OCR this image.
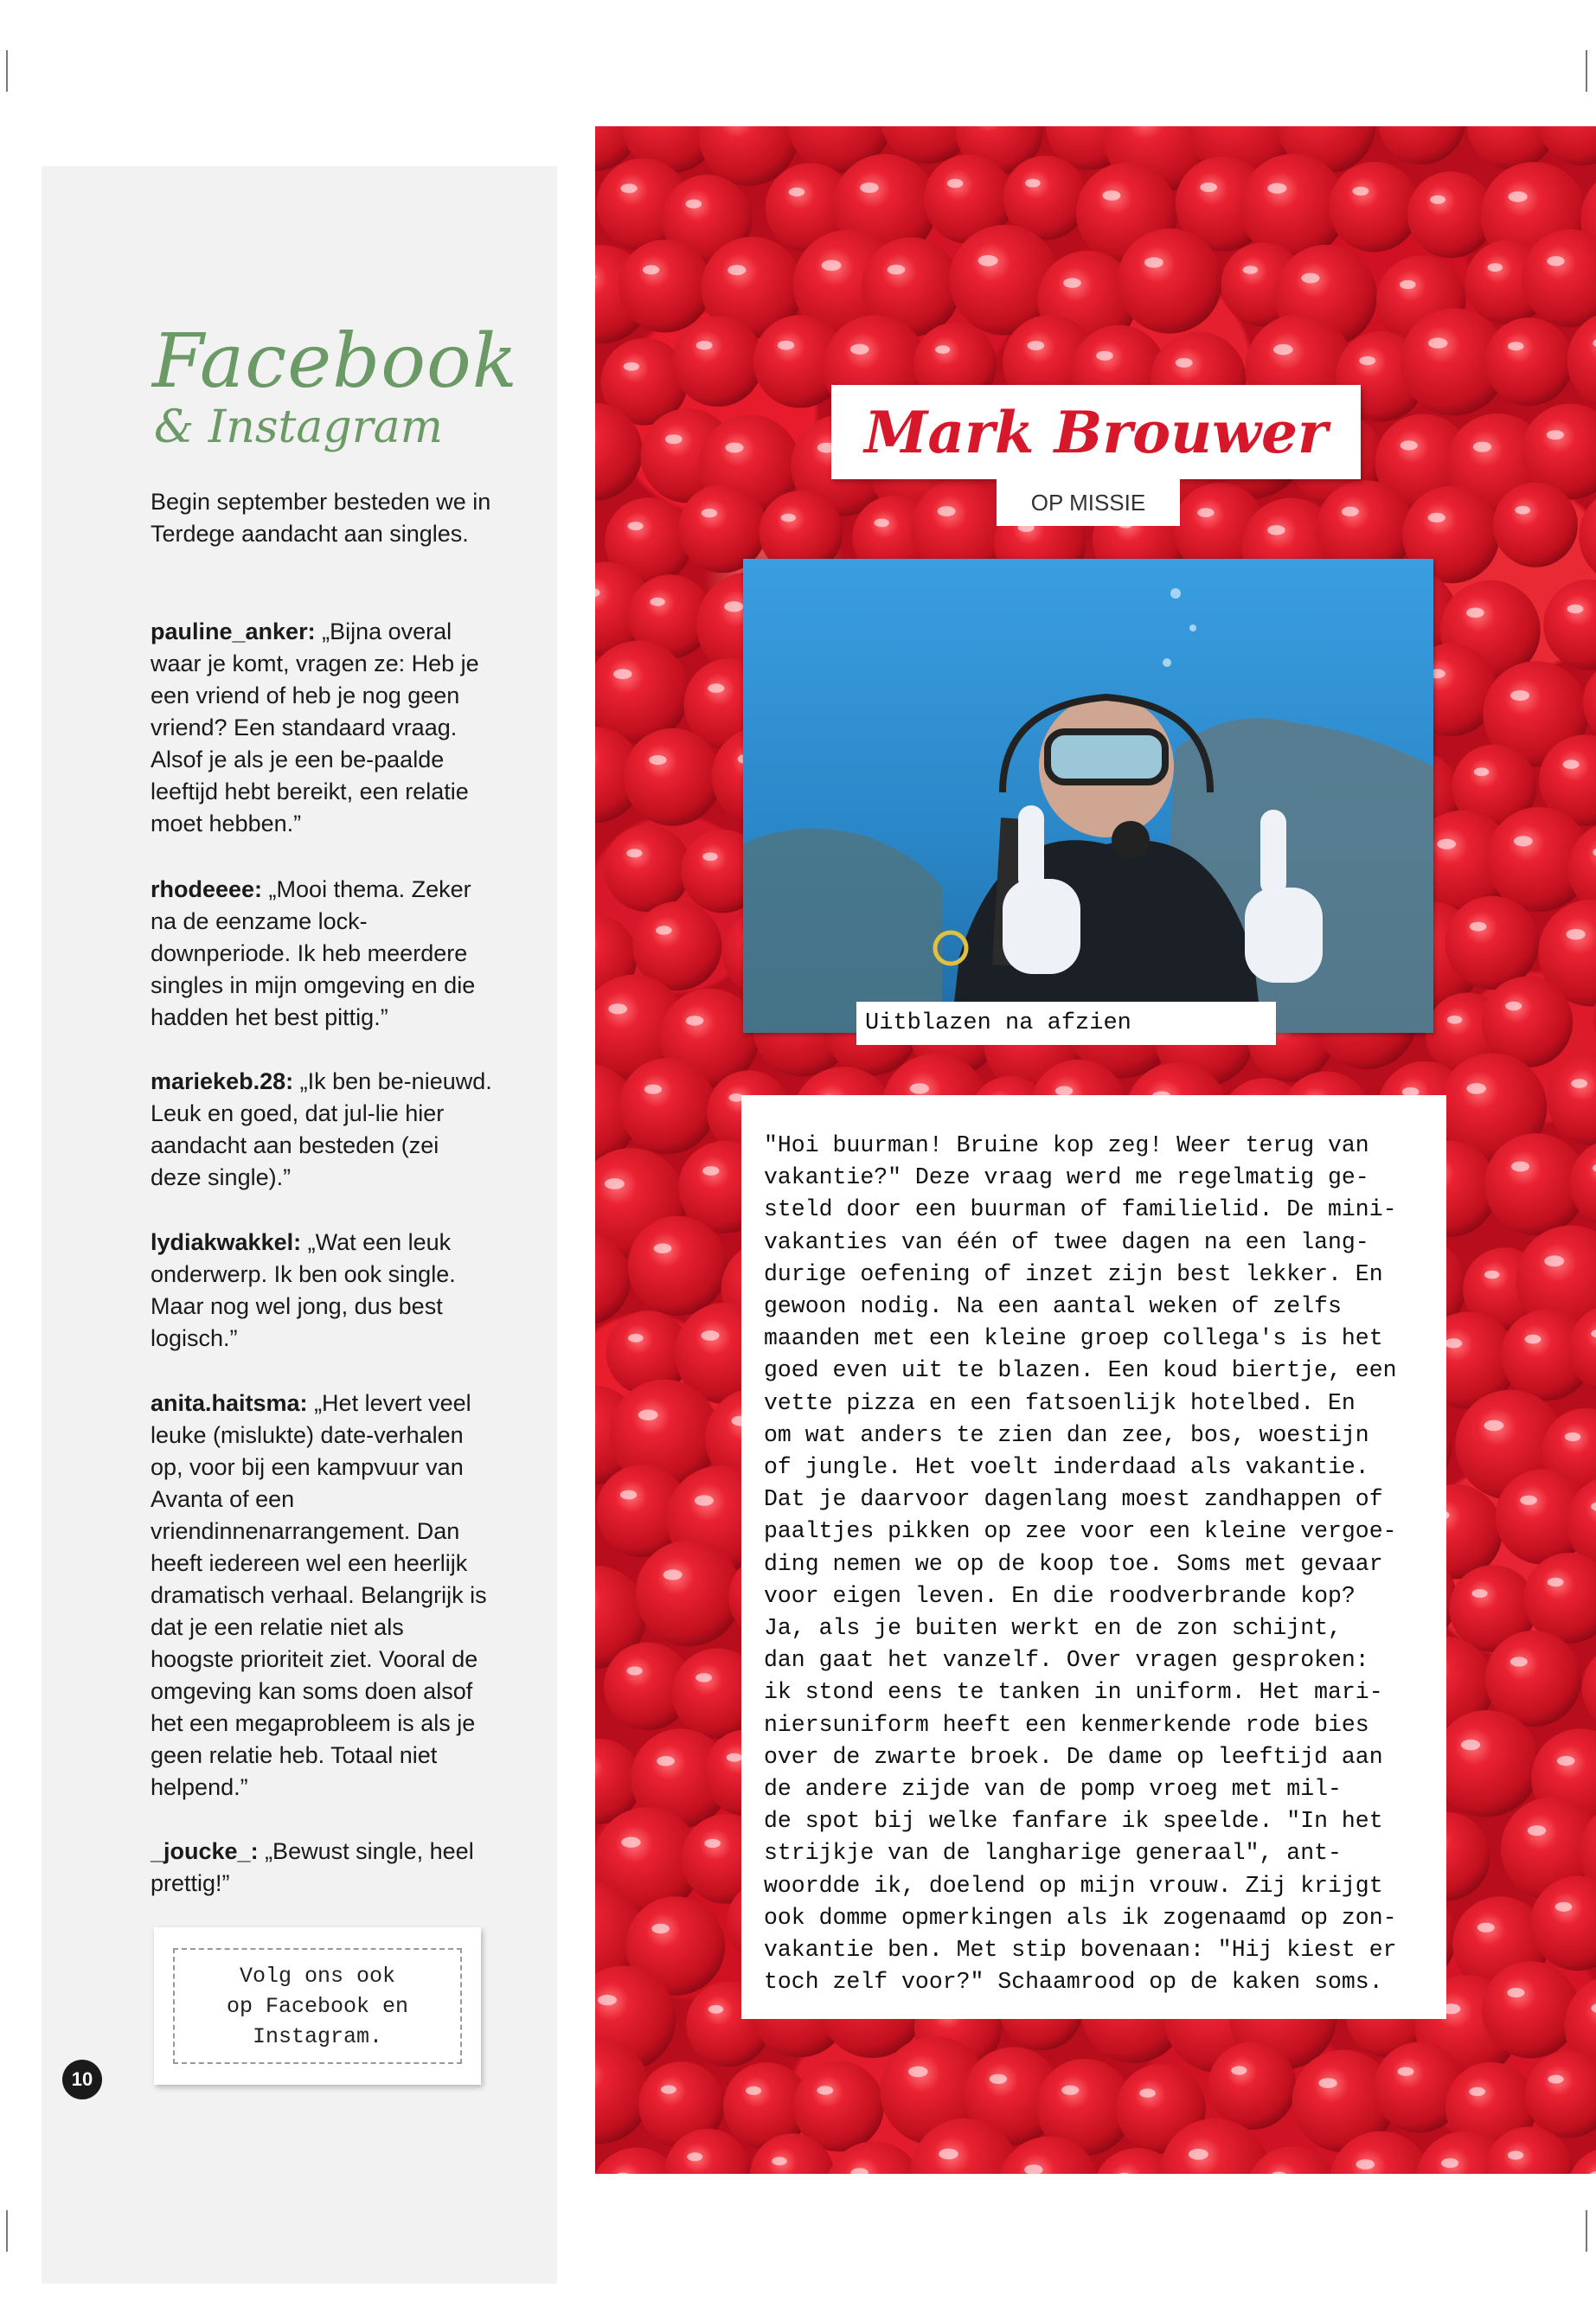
Facebook
& Instagram

Begin september besteden we in Terdege aandacht aan singles.

pauline_anker: „Bijna overal waar je komt, vragen ze: Heb je een vriend of heb je nog geen vriend? Een standaard vraag. Alsof je als je een be-paalde leeftijd hebt bereikt, een relatie moet hebben.”

rhodeeee: „Mooi thema. Zeker na de eenzame lock-downperiode. Ik heb meerdere singles in mijn omgeving en die hadden het best pittig.”

mariekeb.28: „Ik ben be-nieuwd. Leuk en goed, dat jul-lie hier aandacht aan besteden (zei deze single).”

lydiakwakkel: „Wat een leuk onderwerp. Ik ben ook single. Maar nog wel jong, dus best logisch.”

anita.haitsma: „Het levert veel leuke (mislukte) date-verhalen op, voor bij een kampvuur van Avanta of een vriendinnenarrangement. Dan heeft iedereen wel een heerlijk dramatisch verhaal. Belangrijk is dat je een relatie niet als hoogste prioriteit ziet. Vooral de omgeving kan soms doen alsof het een megaprobleem is als je geen relatie heb. Totaal niet helpend.”

_joucke_: „Bewust single, heel prettig!”

Volg ons ook
op Facebook en
Instagram.
10
Mark Brouwer
OP MISSIE
Uitblazen na afzien

"Hoi buurman! Bruine kop zeg! Weer terug van
vakantie?" Deze vraag werd me regelmatig ge-
steld door een buurman of familielid. De mini-
vakanties van één of twee dagen na een lang-
durige oefening of inzet zijn best lekker. En
gewoon nodig. Na een aantal weken of zelfs
maanden met een kleine groep collega's is het
goed even uit te blazen. Een koud biertje, een
vette pizza en een fatsoenlijk hotelbed. En
om wat anders te zien dan zee, bos, woestijn
of jungle. Het voelt inderdaad als vakantie.
Dat je daarvoor dagenlang moest zandhappen of
paaltjes pikken op zee voor een kleine vergoe-
ding nemen we op de koop toe. Soms met gevaar
voor eigen leven. En die roodverbrande kop?
Ja, als je buiten werkt en de zon schijnt,
dan gaat het vanzelf. Over vragen gesproken:
ik stond eens te tanken in uniform. Het mari-
niersuniform heeft een kenmerkende rode bies
over de zwarte broek. De dame op leeftijd aan
de andere zijde van de pomp vroeg met mil-
de spot bij welke fanfare ik speelde. "In het
strijkje van de langharige generaal", ant-
woordde ik, doelend op mijn vrouw. Zij krijgt
ook domme opmerkingen als ik zogenaamd op zon-
vakantie ben. Met stip bovenaan: "Hij kiest er
toch zelf voor?" Schaamrood op de kaken soms.
